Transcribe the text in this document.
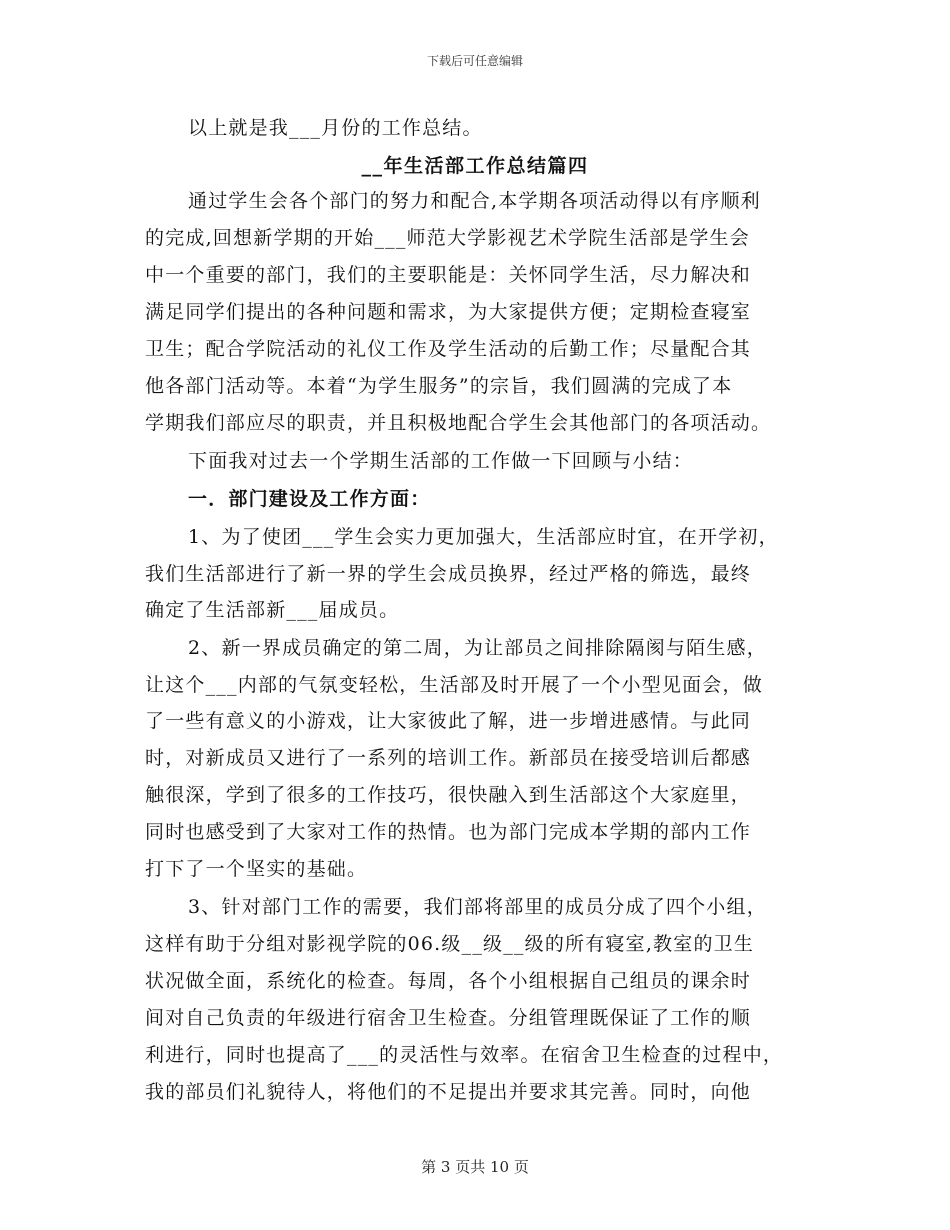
下载后可任意编辑
以上就是我___月份的工作总结。
__年生活部工作总结篇四
通过学生会各个部门的努力和配合,本学期各项活动得以有序顺利
的完成,回想新学期的开始___师范大学影视艺术学院生活部是学生会
中一个重要的部门，我们的主要职能是：关怀同学生活，尽力解决和
满足同学们提出的各种问题和需求，为大家提供方便；定期检查寝室
卫生；配合学院活动的礼仪工作及学生活动的后勤工作；尽量配合其
他各部门活动等。本着“为学生服务”的宗旨，我们圆满的完成了本
学期我们部应尽的职责，并且积极地配合学生会其他部门的各项活动。
下面我对过去一个学期生活部的工作做一下回顾与小结：
一．部门建设及工作方面：
1、为了使团___学生会实力更加强大，生活部应时宜，在开学初，
我们生活部进行了新一界的学生会成员换界，经过严格的筛选，最终
确定了生活部新___届成员。
2、新一界成员确定的第二周，为让部员之间排除隔阂与陌生感，
让这个___内部的气氛变轻松，生活部及时开展了一个小型见面会，做
了一些有意义的小游戏，让大家彼此了解，进一步增进感情。与此同
时，对新成员又进行了一系列的培训工作。新部员在接受培训后都感
触很深，学到了很多的工作技巧，很快融入到生活部这个大家庭里，
同时也感受到了大家对工作的热情。也为部门完成本学期的部内工作
打下了一个坚实的基础。
3、针对部门工作的需要，我们部将部里的成员分成了四个小组，
这样有助于分组对影视学院的06.级__级__级的所有寝室,教室的卫生
状况做全面，系统化的检查。每周，各个小组根据自己组员的课余时
间对自己负责的年级进行宿舍卫生检查。分组管理既保证了工作的顺
利进行，同时也提高了___的灵活性与效率。在宿舍卫生检查的过程中，
我的部员们礼貌待人，将他们的不足提出并要求其完善。同时，向他
第 3 页共 10 页
